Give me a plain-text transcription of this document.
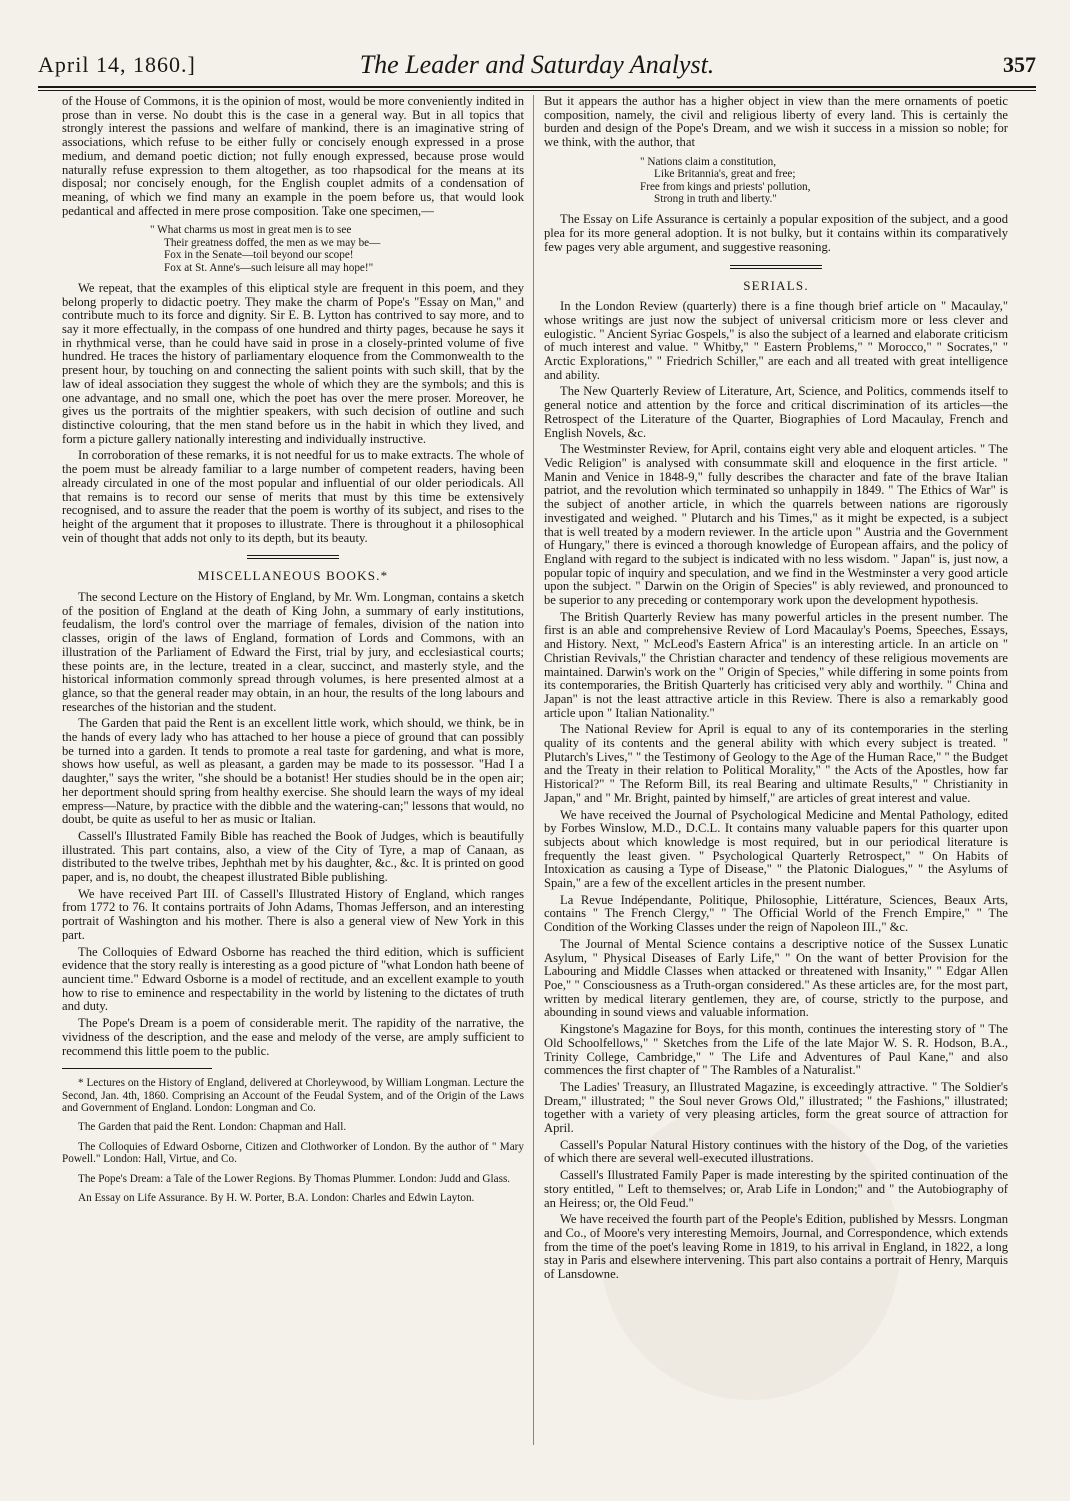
April 14, 1860.]	The Leader and Saturday Analyst.	357

of the House of Commons, it is the opinion of most, would be more conveniently indited in prose than in verse. No doubt this is the case in a general way. But in all topics that strongly interest the passions and welfare of mankind, there is an imaginative string of associations, which refuse to be either fully or concisely enough expressed in a prose medium, and demand poetic diction; not fully enough expressed, because prose would naturally refuse expression to them altogether, as too rhapsodical for the means at its disposal; nor concisely enough, for the English couplet admits of a condensation of meaning, of which we find many an example in the poem before us, that would look pedantical and affected in mere prose composition. Take one specimen,—

" What charms us most in great men is to see
Their greatness doffed, the men as we may be—
Fox in the Senate—toil beyond our scope!
Fox at St. Anne's—such leisure all may hope!"

We repeat, that the examples of this eliptical style are frequent in this poem, and they belong properly to didactic poetry. They make the charm of Pope's "Essay on Man," and contribute much to its force and dignity. Sir E. B. Lytton has contrived to say more, and to say it more effectually, in the compass of one hundred and thirty pages, because he says it in rhythmical verse, than he could have said in prose in a closely-printed volume of five hundred. He traces the history of parliamentary eloquence from the Commonwealth to the present hour, by touching on and connecting the salient points with such skill, that by the law of ideal association they suggest the whole of which they are the symbols; and this is one advantage, and no small one, which the poet has over the mere proser. Moreover, he gives us the portraits of the mightier speakers, with such decision of outline and such distinctive colouring, that the men stand before us in the habit in which they lived, and form a picture gallery nationally interesting and individually instructive.

In corroboration of these remarks, it is not needful for us to make extracts. The whole of the poem must be already familiar to a large number of competent readers, having been already circulated in one of the most popular and influential of our older periodicals. All that remains is to record our sense of merits that must by this time be extensively recognised, and to assure the reader that the poem is worthy of its subject, and rises to the height of the argument that it proposes to illustrate. There is throughout it a philosophical vein of thought that adds not only to its depth, but its beauty.

MISCELLANEOUS BOOKS.*

The second Lecture on the History of England, by Mr. Wm. Longman, contains a sketch of the position of England at the death of King John, a summary of early institutions, feudalism, the lord's control over the marriage of females, division of the nation into classes, origin of the laws of England, formation of Lords and Commons, with an illustration of the Parliament of Edward the First, trial by jury, and ecclesiastical courts; these points are, in the lecture, treated in a clear, succinct, and masterly style, and the historical information commonly spread through volumes, is here presented almost at a glance, so that the general reader may obtain, in an hour, the results of the long labours and researches of the historian and the student.

The Garden that paid the Rent is an excellent little work, which should, we think, be in the hands of every lady who has attached to her house a piece of ground that can possibly be turned into a garden. It tends to promote a real taste for gardening, and what is more, shows how useful, as well as pleasant, a garden may be made to its possessor. "Had I a daughter," says the writer, "she should be a botanist! Her studies should be in the open air; her deportment should spring from healthy exercise. She should learn the ways of my ideal empress—Nature, by practice with the dibble and the watering-can;" lessons that would, no doubt, be quite as useful to her as music or Italian.

Cassell's Illustrated Family Bible has reached the Book of Judges, which is beautifully illustrated. This part contains, also, a view of the City of Tyre, a map of Canaan, as distributed to the twelve tribes, Jephthah met by his daughter, &c., &c. It is printed on good paper, and is, no doubt, the cheapest illustrated Bible publishing.

We have received Part III. of Cassell's Illustrated History of England, which ranges from 1772 to 76. It contains portraits of John Adams, Thomas Jefferson, and an interesting portrait of Washington and his mother. There is also a general view of New York in this part.

The Colloquies of Edward Osborne has reached the third edition, which is sufficient evidence that the story really is interesting as a good picture of "what London hath beene of auncient time." Edward Osborne is a model of rectitude, and an excellent example to youth how to rise to eminence and respectability in the world by listening to the dictates of truth and duty.

The Pope's Dream is a poem of considerable merit. The rapidity of the narrative, the vividness of the description, and the ease and melody of the verse, are amply sufficient to recommend this little poem to the public.

* Lectures on the History of England, delivered at Chorleywood, by William Longman. Lecture the Second, Jan. 4th, 1860. Comprising an Account of the Feudal System, and of the Origin of the Laws and Government of England. London: Longman and Co.

The Garden that paid the Rent. London: Chapman and Hall.

The Colloquies of Edward Osborne, Citizen and Clothworker of London. By the author of " Mary Powell." London: Hall, Virtue, and Co.

The Pope's Dream: a Tale of the Lower Regions. By Thomas Plummer. London: Judd and Glass.

An Essay on Life Assurance. By H. W. Porter, B.A. London: Charles and Edwin Layton.

But it appears the author has a higher object in view than the mere ornaments of poetic composition, namely, the civil and religious liberty of every land. This is certainly the burden and design of the Pope's Dream, and we wish it success in a mission so noble; for we think, with the author, that

" Nations claim a constitution,
Like Britannia's, great and free;
Free from kings and priests' pollution,
Strong in truth and liberty."

The Essay on Life Assurance is certainly a popular exposition of the subject, and a good plea for its more general adoption. It is not bulky, but it contains within its comparatively few pages very able argument, and suggestive reasoning.

SERIALS.

In the London Review (quarterly) there is a fine though brief article on " Macaulay," whose writings are just now the subject of universal criticism more or less clever and eulogistic. " Ancient Syriac Gospels," is also the subject of a learned and elaborate criticism of much interest and value. " Whitby," " Eastern Problems," " Morocco," " Socrates," " Arctic Explorations," " Friedrich Schiller," are each and all treated with great intelligence and ability.

The New Quarterly Review of Literature, Art, Science, and Politics, commends itself to general notice and attention by the force and critical discrimination of its articles—the Retrospect of the Literature of the Quarter, Biographies of Lord Macaulay, French and English Novels, &c.

The Westminster Review, for April, contains eight very able and eloquent articles. " The Vedic Religion" is analysed with consummate skill and eloquence in the first article. " Manin and Venice in 1848-9," fully describes the character and fate of the brave Italian patriot, and the revolution which terminated so unhappily in 1849. " The Ethics of War" is the subject of another article, in which the quarrels between nations are rigorously investigated and weighed. " Plutarch and his Times," as it might be expected, is a subject that is well treated by a modern reviewer. In the article upon " Austria and the Government of Hungary," there is evinced a thorough knowledge of European affairs, and the policy of England with regard to the subject is indicated with no less wisdom. " Japan" is, just now, a popular topic of inquiry and speculation, and we find in the Westminster a very good article upon the subject. " Darwin on the Origin of Species" is ably reviewed, and pronounced to be superior to any preceding or contemporary work upon the development hypothesis.

The British Quarterly Review has many powerful articles in the present number. The first is an able and comprehensive Review of Lord Macaulay's Poems, Speeches, Essays, and History. Next, " McLeod's Eastern Africa" is an interesting article. In an article on " Christian Revivals," the Christian character and tendency of these religious movements are maintained. Darwin's work on the " Origin of Species," while differing in some points from its contemporaries, the British Quarterly has criticised very ably and worthily. " China and Japan" is not the least attractive article in this Review. There is also a remarkably good article upon " Italian Nationality."

The National Review for April is equal to any of its contemporaries in the sterling quality of its contents and the general ability with which every subject is treated. " Plutarch's Lives," " the Testimony of Geology to the Age of the Human Race," " the Budget and the Treaty in their relation to Political Morality," " the Acts of the Apostles, how far Historical?" " The Reform Bill, its real Bearing and ultimate Results," " Christianity in Japan," and " Mr. Bright, painted by himself," are articles of great interest and value.

We have received the Journal of Psychological Medicine and Mental Pathology, edited by Forbes Winslow, M.D., D.C.L. It contains many valuable papers for this quarter upon subjects about which knowledge is most required, but in our periodical literature is frequently the least given. " Psychological Quarterly Retrospect," " On Habits of Intoxication as causing a Type of Disease," " the Platonic Dialogues," " the Asylums of Spain," are a few of the excellent articles in the present number.

La Revue Indépendante, Politique, Philosophie, Littérature, Sciences, Beaux Arts, contains " The French Clergy," " The Official World of the French Empire," " The Condition of the Working Classes under the reign of Napoleon III.," &c.

The Journal of Mental Science contains a descriptive notice of the Sussex Lunatic Asylum, " Physical Diseases of Early Life," " On the want of better Provision for the Labouring and Middle Classes when attacked or threatened with Insanity," " Edgar Allen Poe," " Consciousness as a Truth-organ considered." As these articles are, for the most part, written by medical literary gentlemen, they are, of course, strictly to the purpose, and abounding in sound views and valuable information.

Kingstone's Magazine for Boys, for this month, continues the interesting story of " The Old Schoolfellows," " Sketches from the Life of the late Major W. S. R. Hodson, B.A., Trinity College, Cambridge," " The Life and Adventures of Paul Kane," and also commences the first chapter of " The Rambles of a Naturalist."

The Ladies' Treasury, an Illustrated Magazine, is exceedingly attractive. " The Soldier's Dream," illustrated; " the Soul never Grows Old," illustrated; " the Fashions," illustrated; together with a variety of very pleasing articles, form the great source of attraction for April.

Cassell's Popular Natural History continues with the history of the Dog, of the varieties of which there are several well-executed illustrations.

Cassell's Illustrated Family Paper is made interesting by the spirited continuation of the story entitled, " Left to themselves; or, Arab Life in London;" and " the Autobiography of an Heiress; or, the Old Feud."

We have received the fourth part of the People's Edition, published by Messrs. Longman and Co., of Moore's very interesting Memoirs, Journal, and Correspondence, which extends from the time of the poet's leaving Rome in 1819, to his arrival in England, in 1822, a long stay in Paris and elsewhere intervening. This part also contains a portrait of Henry, Marquis of Lansdowne.
